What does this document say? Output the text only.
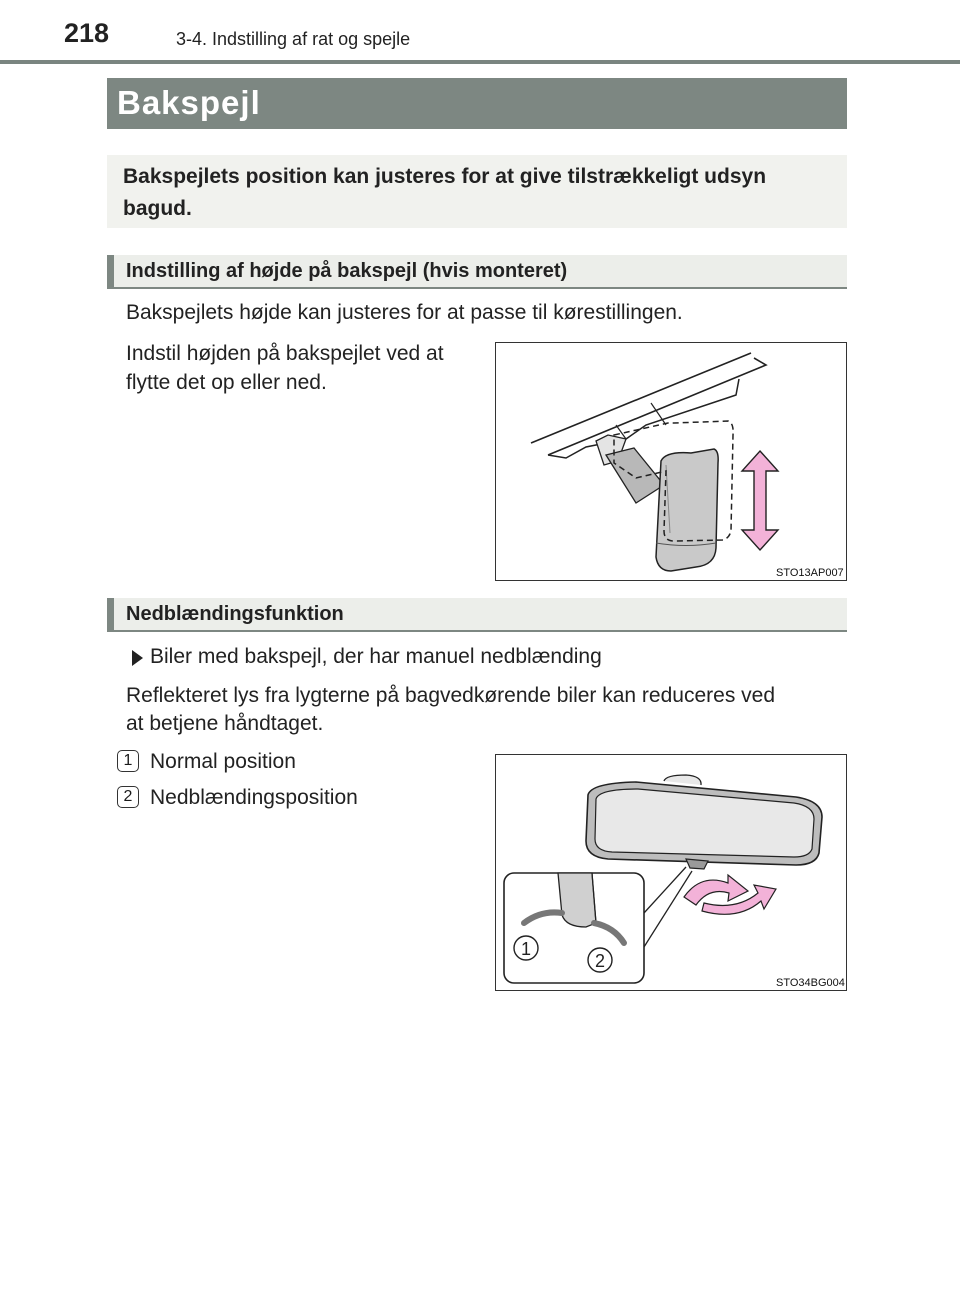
218	3-4. Indstilling af rat og spejle
Bakspejl

Bakspejlets position kan justeres for at give tilstrækkeligt udsyn bagud.

Indstilling af højde på bakspejl (hvis monteret)
Bakspejlets højde kan justeres for at passe til kørestillingen.
Indstil højden på bakspejlet ved at
flytte det op eller ned.
STO13AP007
Nedblændingsfunktion
Biler med bakspejl, der har manuel nedblænding
Reflekteret lys fra lygterne på bagvedkørende biler kan reduceres ved
at betjene håndtaget.
1 Normal position
2 Nedblændingsposition
1
2
STO34BG004
